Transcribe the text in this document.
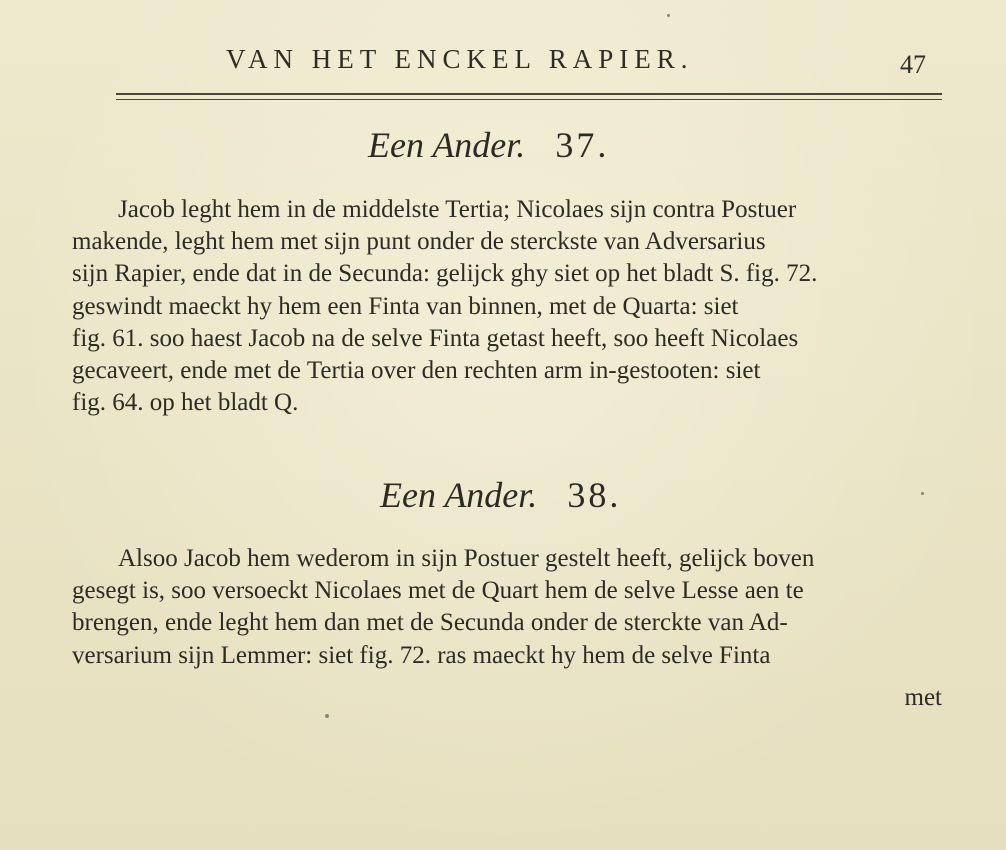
VAN HET ENCKEL RAPIER.	47
Een Ander. 37.
Jacob leght hem in de middelste Tertia; Nicolaes sijn contra Postuer
makende, leght hem met sijn punt onder de sterckste van Adversarius
sijn Rapier, ende dat in de Secunda: gelijck ghy siet op het bladt S. fig. 72.
geswindt maeckt hy hem een Finta van binnen, met de Quarta: siet
fig. 61. soo haest Jacob na de selve Finta getast heeft, soo heeft Nicolaes
gecaveert, ende met de Tertia over den rechten arm in-gestooten: siet
fig. 64. op het bladt Q.
Een Ander. 38.
Alsoo Jacob hem wederom in sijn Postuer gestelt heeft, gelijck boven
gesegt is, soo versoeckt Nicolaes met de Quart hem de selve Lesse aen te
brengen, ende leght hem dan met de Secunda onder de sterckte van Ad-
versarium sijn Lemmer: siet fig. 72. ras maeckt hy hem de selve Finta
met
